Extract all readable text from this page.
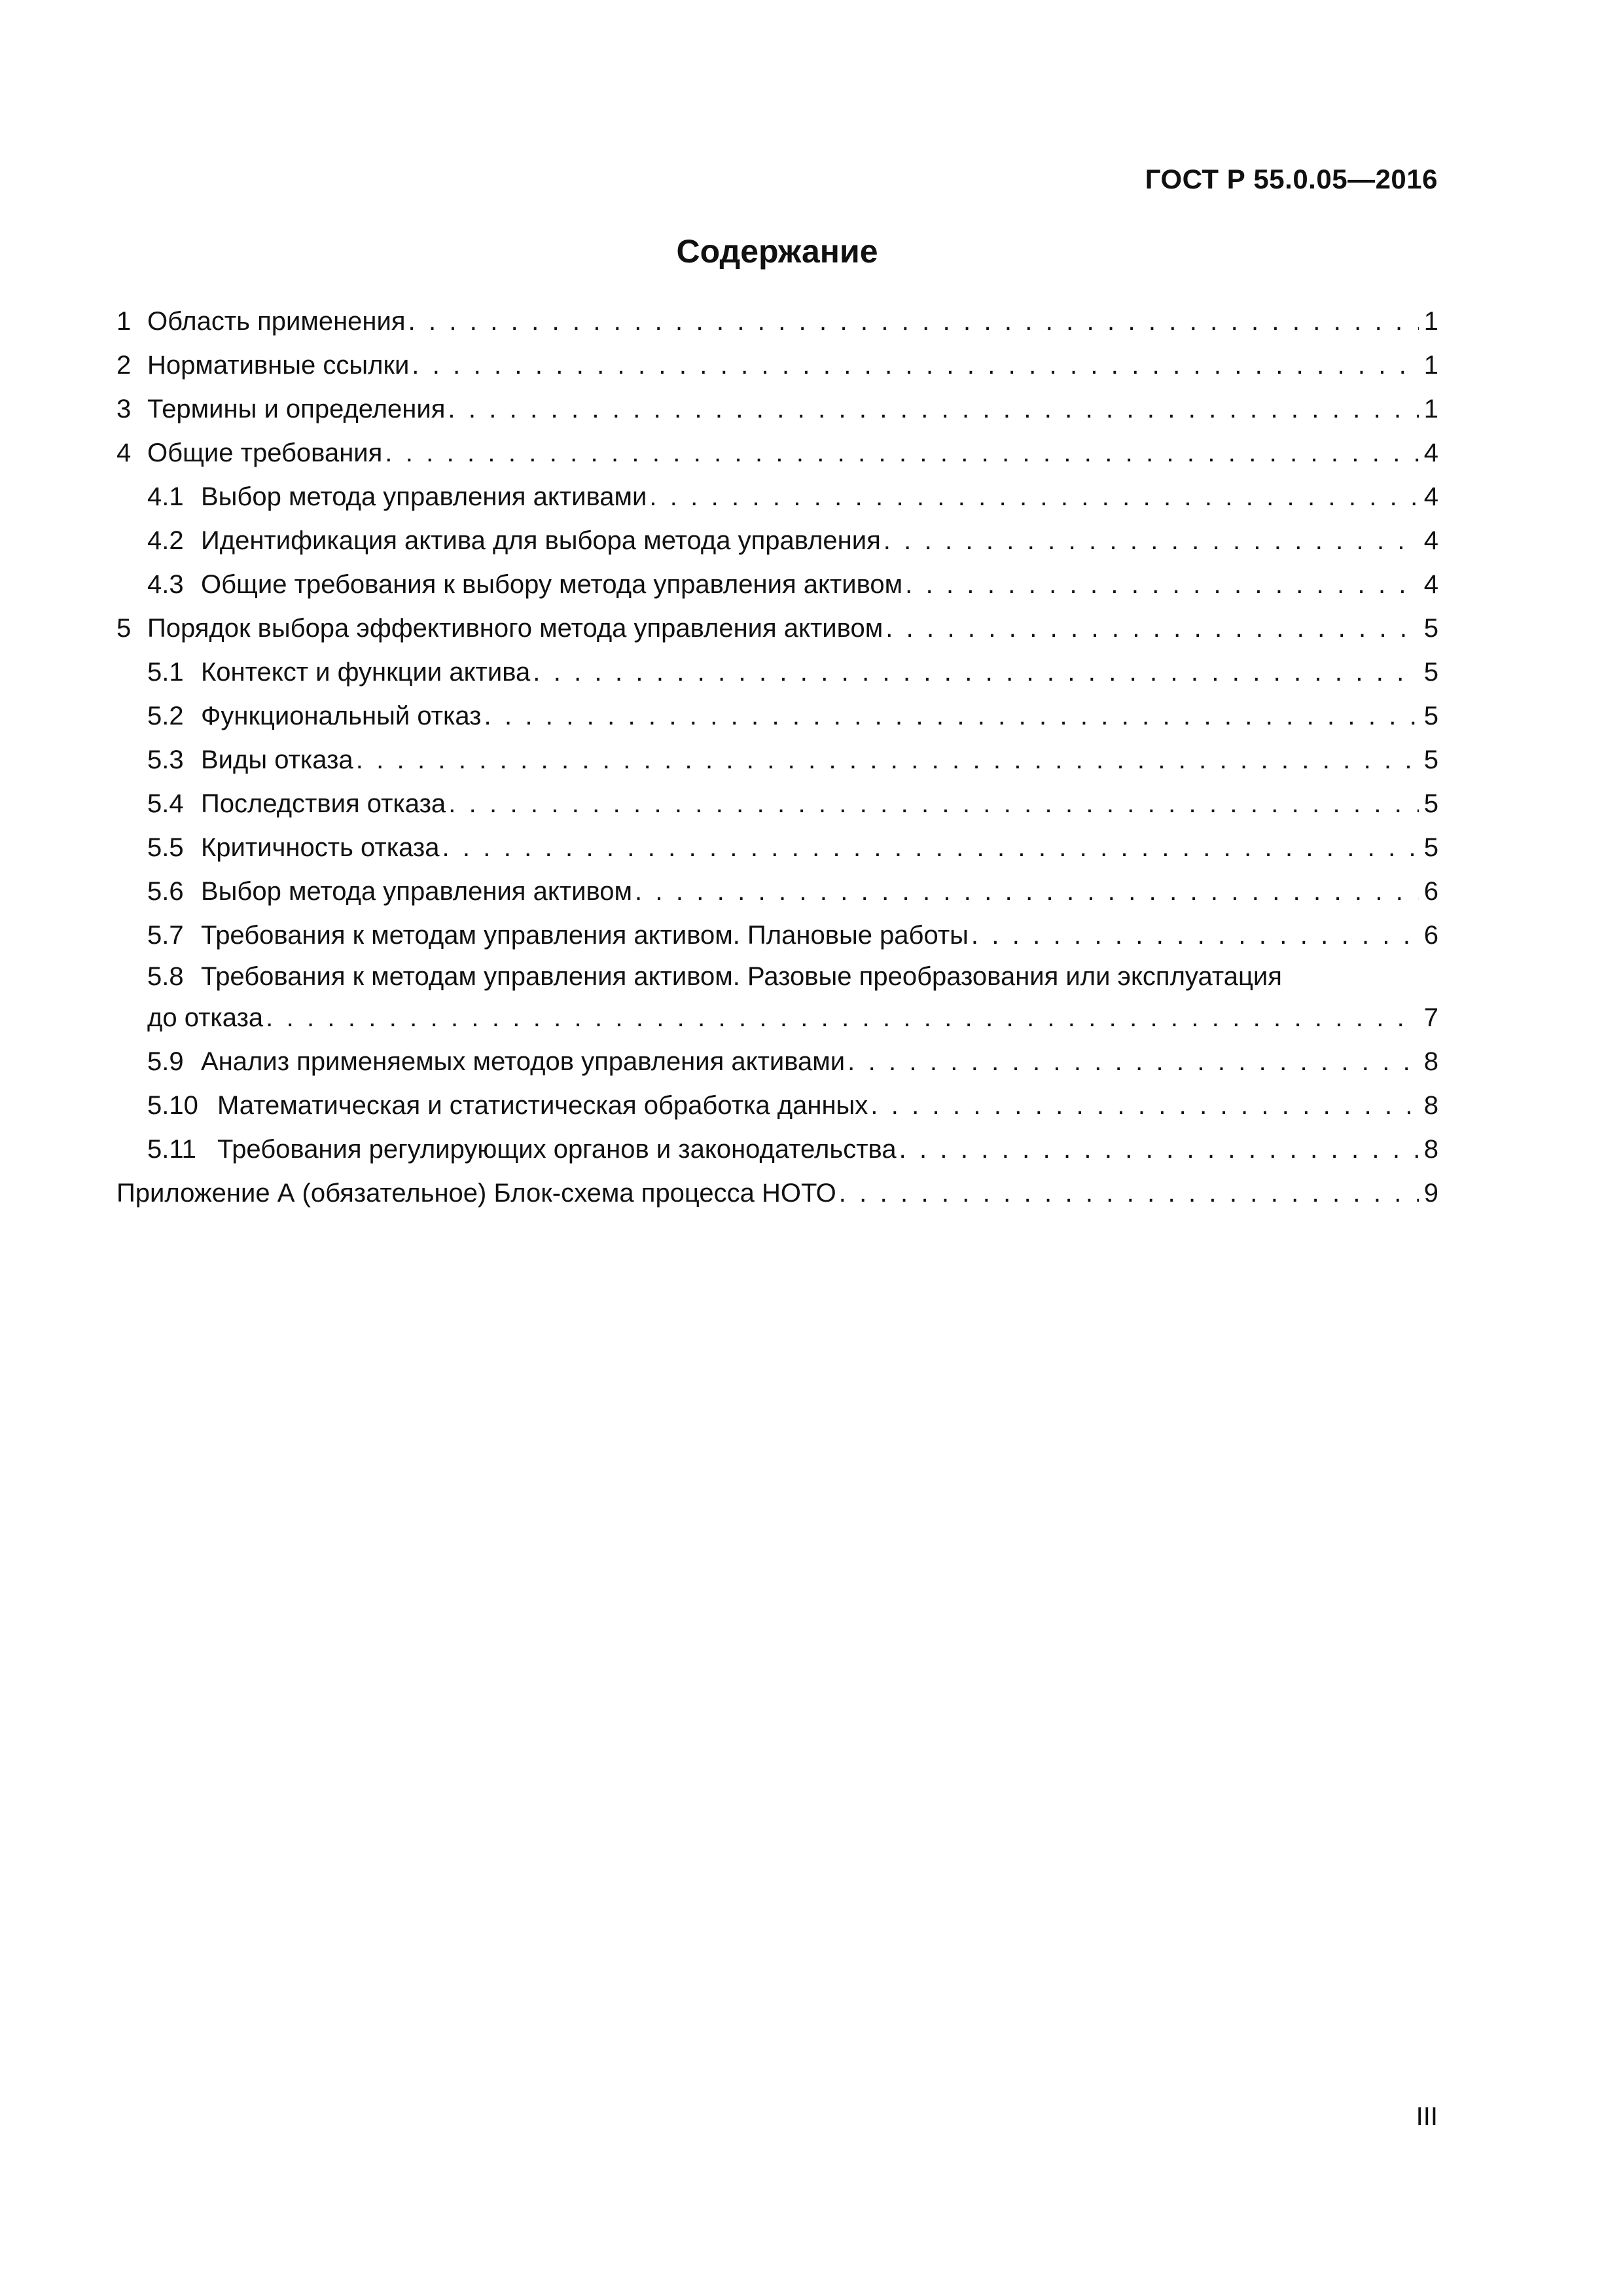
ГОСТ Р 55.0.05—2016
Содержание
1 Область применения . . .	1
2 Нормативные ссылки . . .	1
3 Термины и определения . . .	1
4 Общие требования . . .	4
4.1 Выбор метода управления активами . . .	4
4.2 Идентификация актива для выбора метода управления . . .	4
4.3 Общие требования к выбору метода управления активом . . .	4
5 Порядок выбора эффективного метода управления активом . . .	5
5.1 Контекст и функции актива . . .	5
5.2 Функциональный отказ . . .	5
5.3 Виды отказа . . .	5
5.4 Последствия отказа . . .	5
5.5 Критичность отказа . . .	5
5.6 Выбор метода управления активом . . .	6
5.7 Требования к методам управления активом. Плановые работы . . .	6
5.8 Требования к методам управления активом. Разовые преобразования или эксплуатация
до отказа . . .	7
5.9 Анализ применяемых методов управления активами . . .	8
5.10 Математическая и статистическая обработка данных . . .	8
5.11 Требования регулирующих органов и законодательства . . .	8
Приложение А (обязательное) Блок-схема процесса НОТО . . .	9
III
